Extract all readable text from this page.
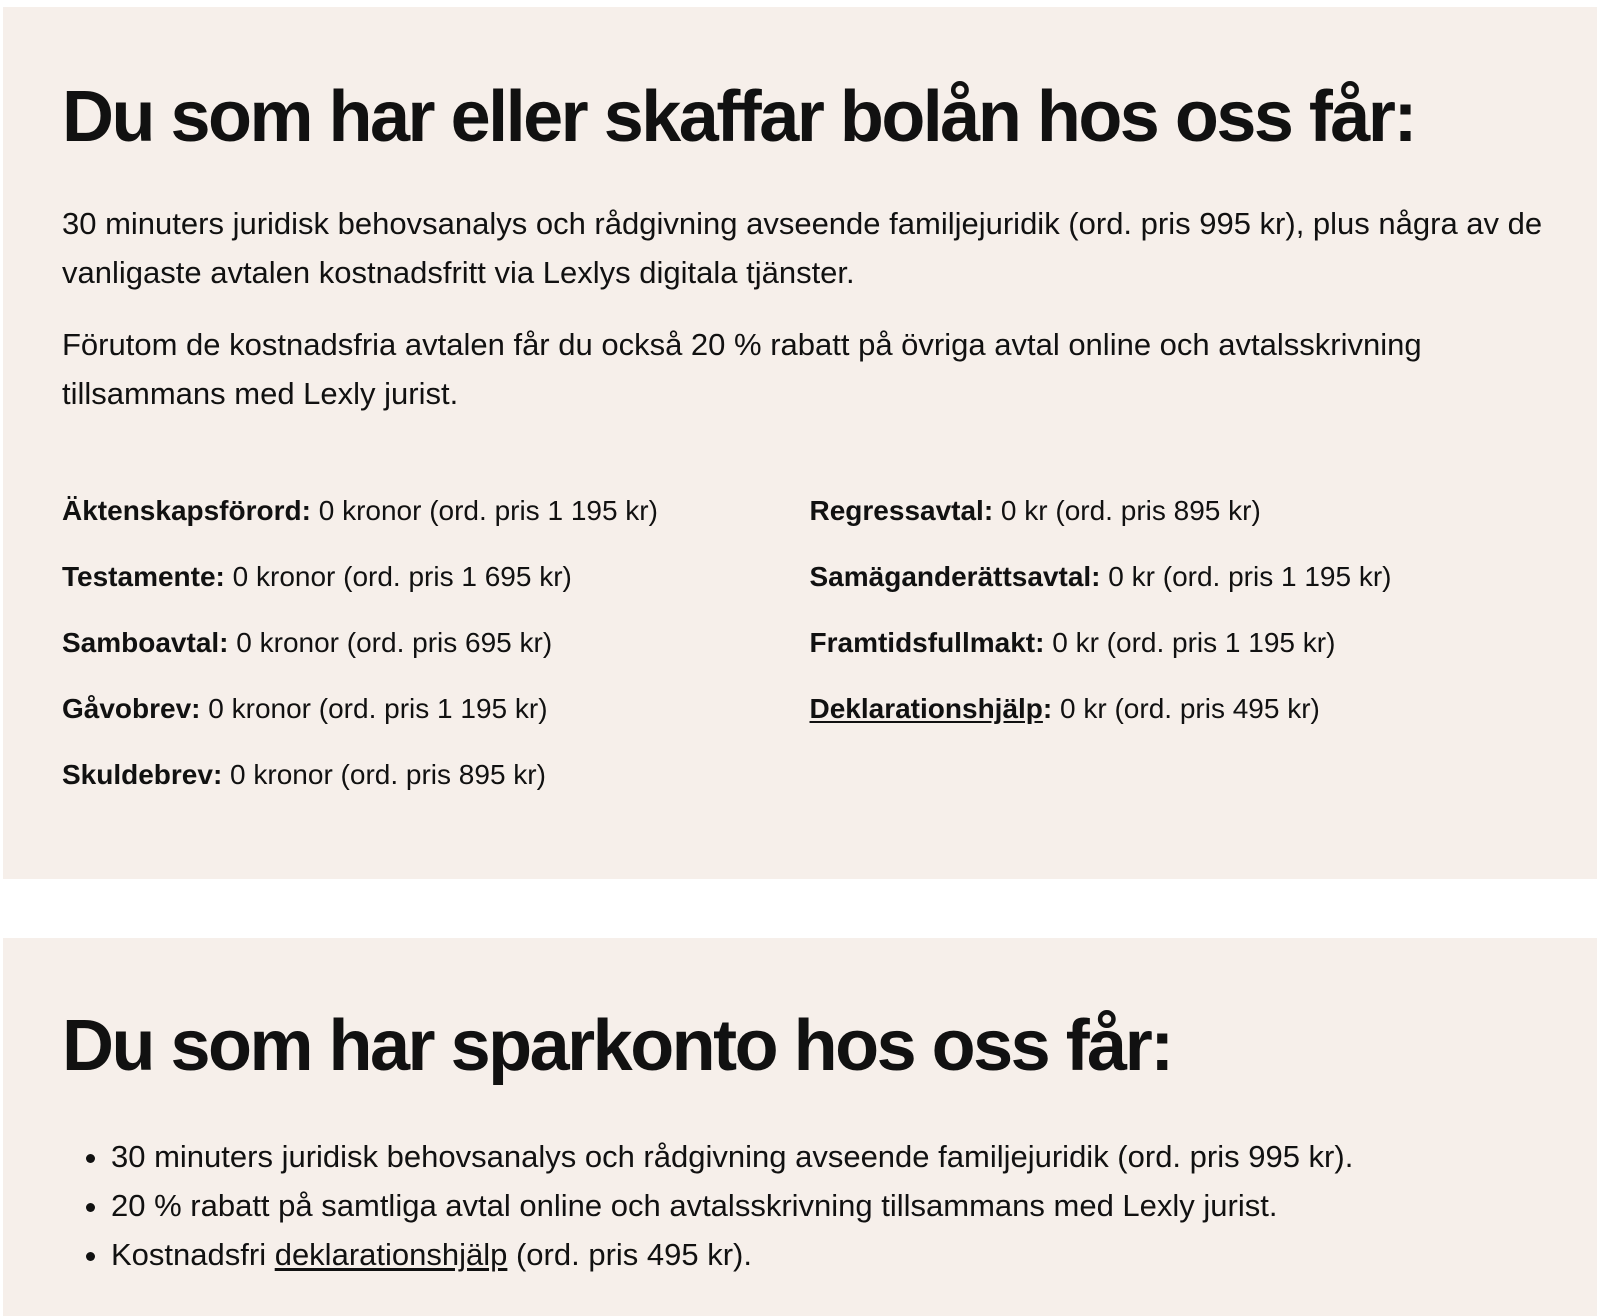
Du som har eller skaffar bolån hos oss får:

30 minuters juridisk behovsanalys och rådgivning avseende familjejuridik (ord. pris 995 kr), plus några av de vanligaste avtalen kostnadsfritt via Lexlys digitala tjänster.

Förutom de kostnadsfria avtalen får du också 20 % rabatt på övriga avtal online och avtalsskrivning tillsammans med Lexly jurist.

Äktenskapsförord: 0 kronor (ord. pris 1 195 kr)
Testamente: 0 kronor (ord. pris 1 695 kr)
Samboavtal: 0 kronor (ord. pris 695 kr)
Gåvobrev: 0 kronor (ord. pris 1 195 kr)
Skuldebrev: 0 kronor (ord. pris 895 kr)
Regressavtal: 0 kr (ord. pris 895 kr)
Samäganderättsavtal: 0 kr (ord. pris 1 195 kr)
Framtidsfullmakt: 0 kr (ord. pris 1 195 kr)
Deklarationshjälp: 0 kr (ord. pris 495 kr)
Du som har sparkonto hos oss får:
• 30 minuters juridisk behovsanalys och rådgivning avseende familjejuridik (ord. pris 995 kr).
• 20 % rabatt på samtliga avtal online och avtalsskrivning tillsammans med Lexly jurist.
• Kostnadsfri deklarationshjälp (ord. pris 495 kr).
